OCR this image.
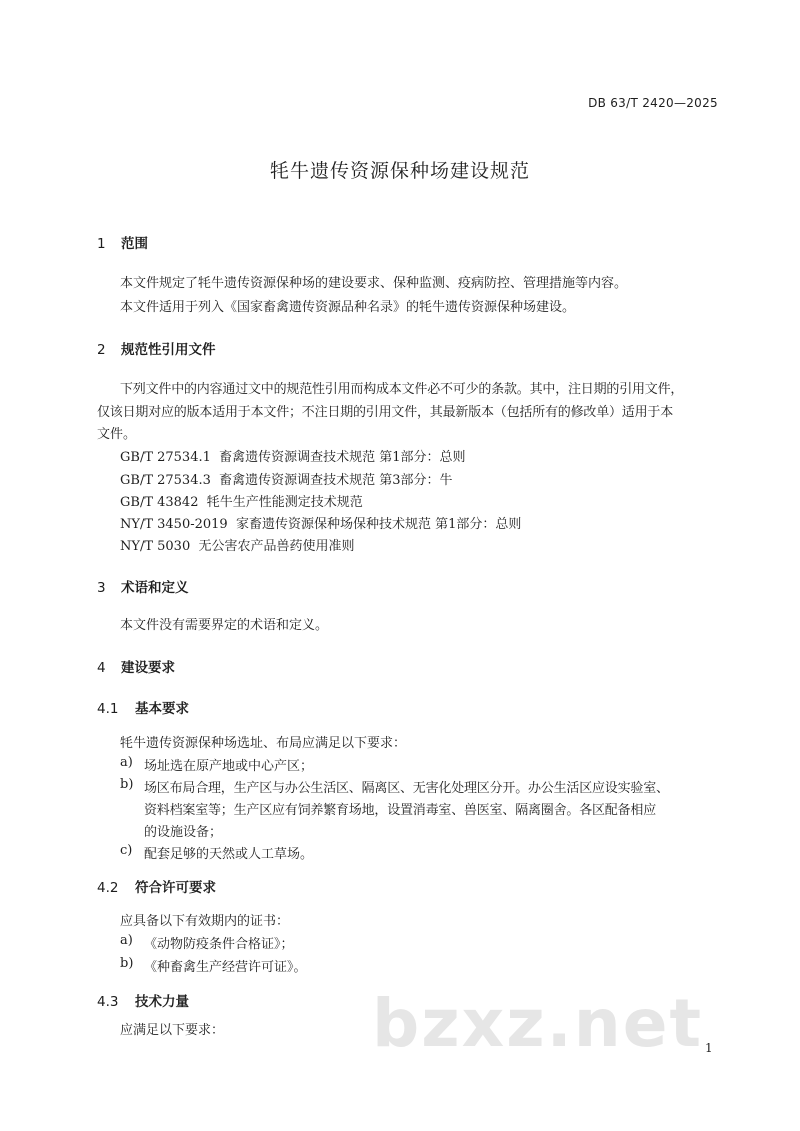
DB 63/T 2420—2025
牦牛遗传资源保种场建设规范
1 范围
本文件规定了牦牛遗传资源保种场的建设要求、保种监测、疫病防控、管理措施等内容。
本文件适用于列入《国家畜禽遗传资源品种名录》的牦牛遗传资源保种场建设。
2 规范性引用文件
下列文件中的内容通过文中的规范性引用而构成本文件必不可少的条款。其中，注日期的引用文件，
仅该日期对应的版本适用于本文件；不注日期的引用文件，其最新版本（包括所有的修改单）适用于本
文件。
GB/T 27534.1 畜禽遗传资源调查技术规范 第1部分：总则
GB/T 27534.3 畜禽遗传资源调查技术规范 第3部分：牛
GB/T 43842 牦牛生产性能测定技术规范
NY/T 3450-2019 家畜遗传资源保种场保种技术规范 第1部分：总则
NY/T 5030 无公害农产品兽药使用准则
3 术语和定义
本文件没有需要界定的术语和定义。
4 建设要求
4.1 基本要求
牦牛遗传资源保种场选址、布局应满足以下要求：
a) 场址选在原产地或中心产区；
b) 场区布局合理，生产区与办公生活区、隔离区、无害化处理区分开。办公生活区应设实验室、
资料档案室等；生产区应有饲养繁育场地，设置消毒室、兽医室、隔离圈舍。各区配备相应
的设施设备；
c) 配套足够的天然或人工草场。
4.2 符合许可要求
应具备以下有效期内的证书：
a) 《动物防疫条件合格证》；
b) 《种畜禽生产经营许可证》。
4.3 技术力量
应满足以下要求： bzxz.net 1
